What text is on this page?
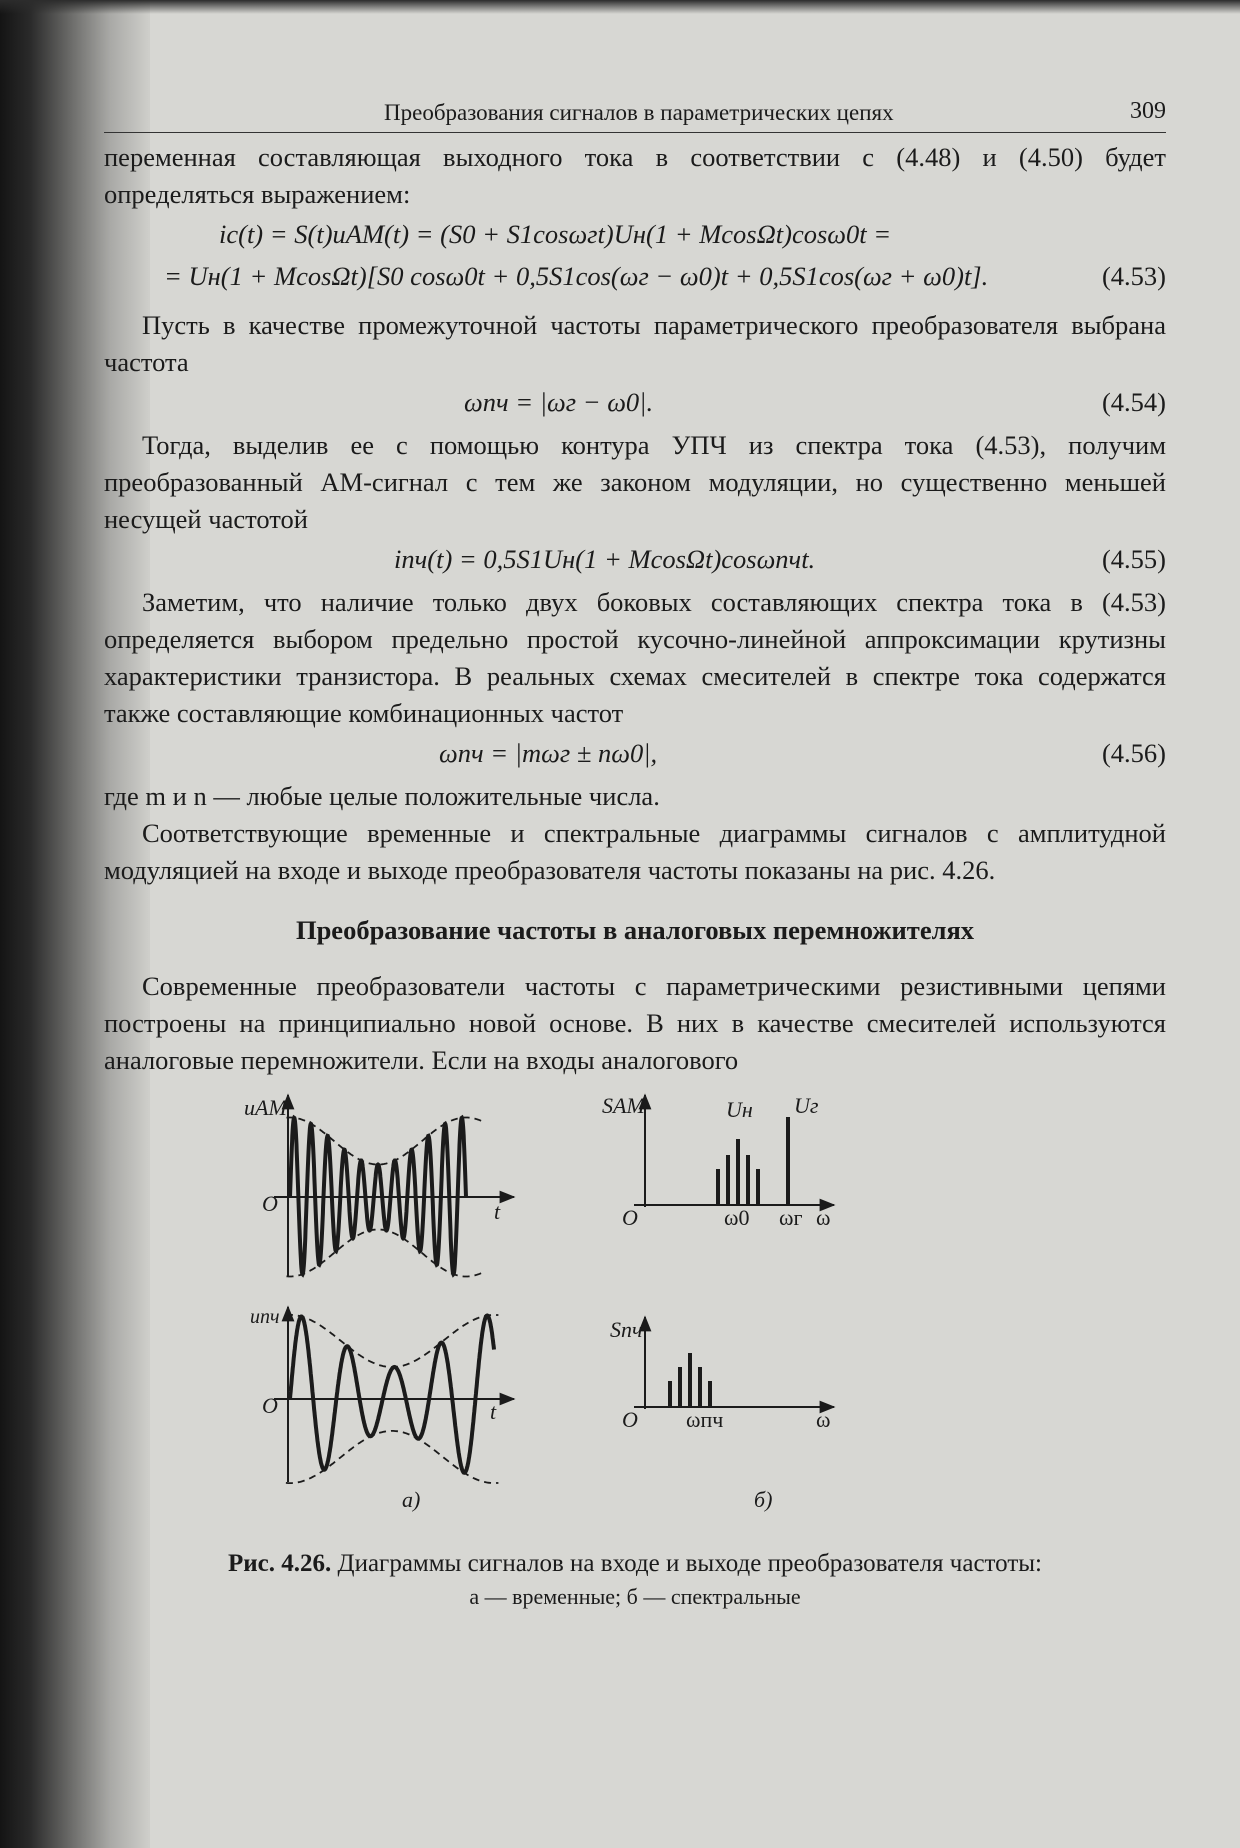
Преобразования сигналов в параметрических цепях	309

переменная составляющая выходного тока в соответствии с (4.48) и (4.50) будет определяться выражением:

iс(t) = S(t)uАМ(t) = (S0 + S1cosωгt)Uн(1 + McosΩt)cosω0t =
= Uн(1 + McosΩt)[S0 cosω0t + 0,5S1cos(ωг − ω0)t + 0,5S1cos(ωг + ω0)t].	(4.53)

Пусть в качестве промежуточной частоты параметрического преобразователя выбрана частота

ωпч = |ωг − ω0|.	(4.54)

Тогда, выделив ее с помощью контура УПЧ из спектра тока (4.53), получим преобразованный АМ-сигнал с тем же законом модуляции, но существенно меньшей несущей частотой

iпч(t) = 0,5S1Uн(1 + McosΩt)cosωпчt.	(4.55)

Заметим, что наличие только двух боковых составляющих спектра тока в (4.53) определяется выбором предельно простой кусочно-линейной аппроксимации крутизны характеристики транзистора. В реальных схемах смесителей в спектре тока содержатся также составляющие комбинационных частот

ωпч = |mωг ± nω0|,	(4.56)

где m и n — любые целые положительные числа.

Соответствующие временные и спектральные диаграммы сигналов с амплитудной модуляцией на входе и выходе преобразователя частоты показаны на рис. 4.26.

Преобразование частоты в аналоговых перемножителях

Современные преобразователи частоты с параметрическими резистивными цепями построены на принципиально новой основе. В них в качестве смесителей используются аналоговые перемножители. Если на входы аналогового

uАМ
O	t
uпч
O	t
SАМ	Uн Uг
O	ω0 ωг ω
Sпч
O ωпч	ω
а)	б)
Рис. 4.26. Диаграммы сигналов на входе и выходе преобразователя частоты:
а — временные; б — спектральные
